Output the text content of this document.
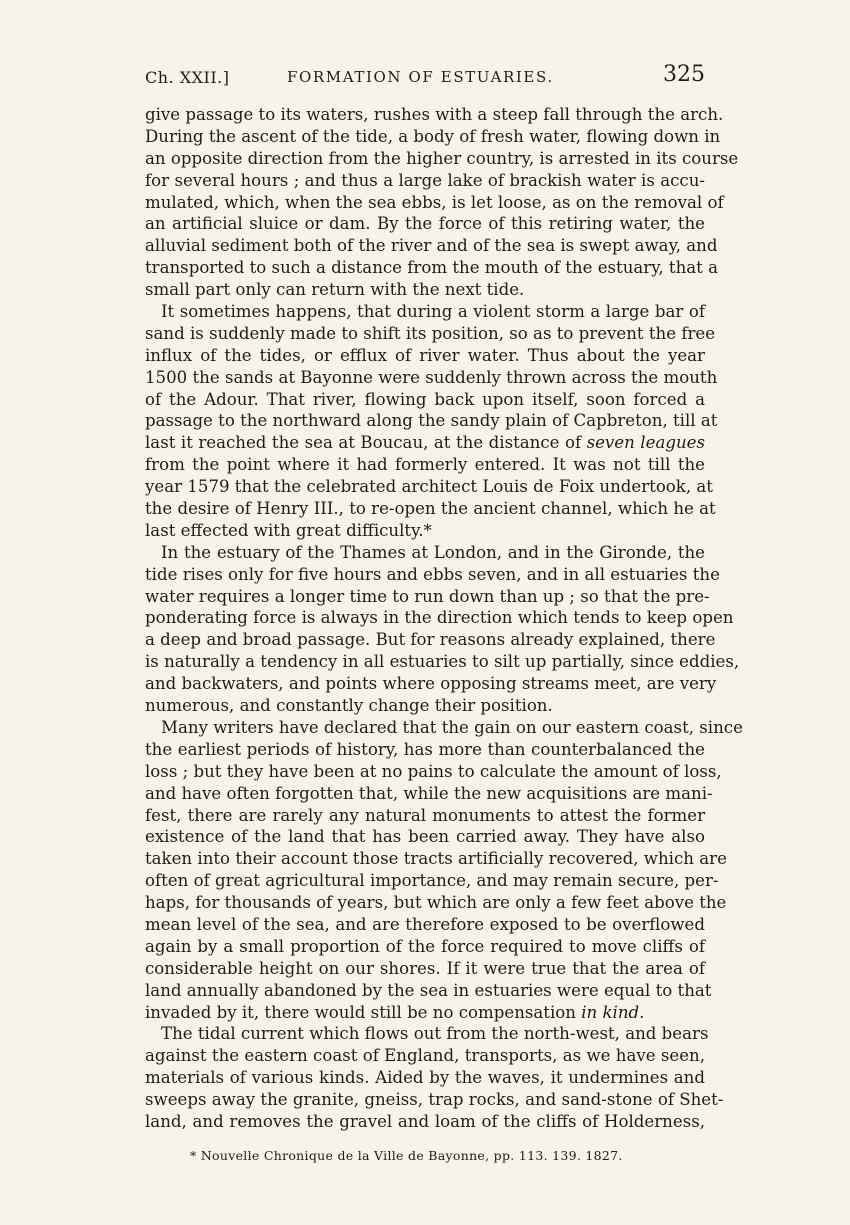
Ch. XXII.]	FORMATION OF ESTUARIES.	325
give passage to its waters, rushes with a steep fall through the arch.
During the ascent of the tide, a body of fresh water, flowing down in
an opposite direction from the higher country, is arrested in its course
for several hours ; and thus a large lake of brackish water is accu-
mulated, which, when the sea ebbs, is let loose, as on the removal of
an artificial sluice or dam. By the force of this retiring water, the
alluvial sediment both of the river and of the sea is swept away, and
transported to such a distance from the mouth of the estuary, that a
small part only can return with the next tide.
It sometimes happens, that during a violent storm a large bar of
sand is suddenly made to shift its position, so as to prevent the free
influx of the tides, or efflux of river water. Thus about the year
1500 the sands at Bayonne were suddenly thrown across the mouth
of the Adour. That river, flowing back upon itself, soon forced a
passage to the northward along the sandy plain of Capbreton, till at
last it reached the sea at Boucau, at the distance of seven leagues
from the point where it had formerly entered. It was not till the
year 1579 that the celebrated architect Louis de Foix undertook, at
the desire of Henry III., to re-open the ancient channel, which he at
last effected with great difficulty.*
In the estuary of the Thames at London, and in the Gironde, the
tide rises only for five hours and ebbs seven, and in all estuaries the
water requires a longer time to run down than up ; so that the pre-
ponderating force is always in the direction which tends to keep open
a deep and broad passage. But for reasons already explained, there
is naturally a tendency in all estuaries to silt up partially, since eddies,
and backwaters, and points where opposing streams meet, are very
numerous, and constantly change their position.
Many writers have declared that the gain on our eastern coast, since
the earliest periods of history, has more than counterbalanced the
loss ; but they have been at no pains to calculate the amount of loss,
and have often forgotten that, while the new acquisitions are mani-
fest, there are rarely any natural monuments to attest the former
existence of the land that has been carried away. They have also
taken into their account those tracts artificially recovered, which are
often of great agricultural importance, and may remain secure, per-
haps, for thousands of years, but which are only a few feet above the
mean level of the sea, and are therefore exposed to be overflowed
again by a small proportion of the force required to move cliffs of
considerable height on our shores. If it were true that the area of
land annually abandoned by the sea in estuaries were equal to that
invaded by it, there would still be no compensation in kind.
The tidal current which flows out from the north-west, and bears
against the eastern coast of England, transports, as we have seen,
materials of various kinds. Aided by the waves, it undermines and
sweeps away the granite, gneiss, trap rocks, and sand-stone of Shet-
land, and removes the gravel and loam of the cliffs of Holderness,
* Nouvelle Chronique de la Ville de Bayonne, pp. 113. 139. 1827.
